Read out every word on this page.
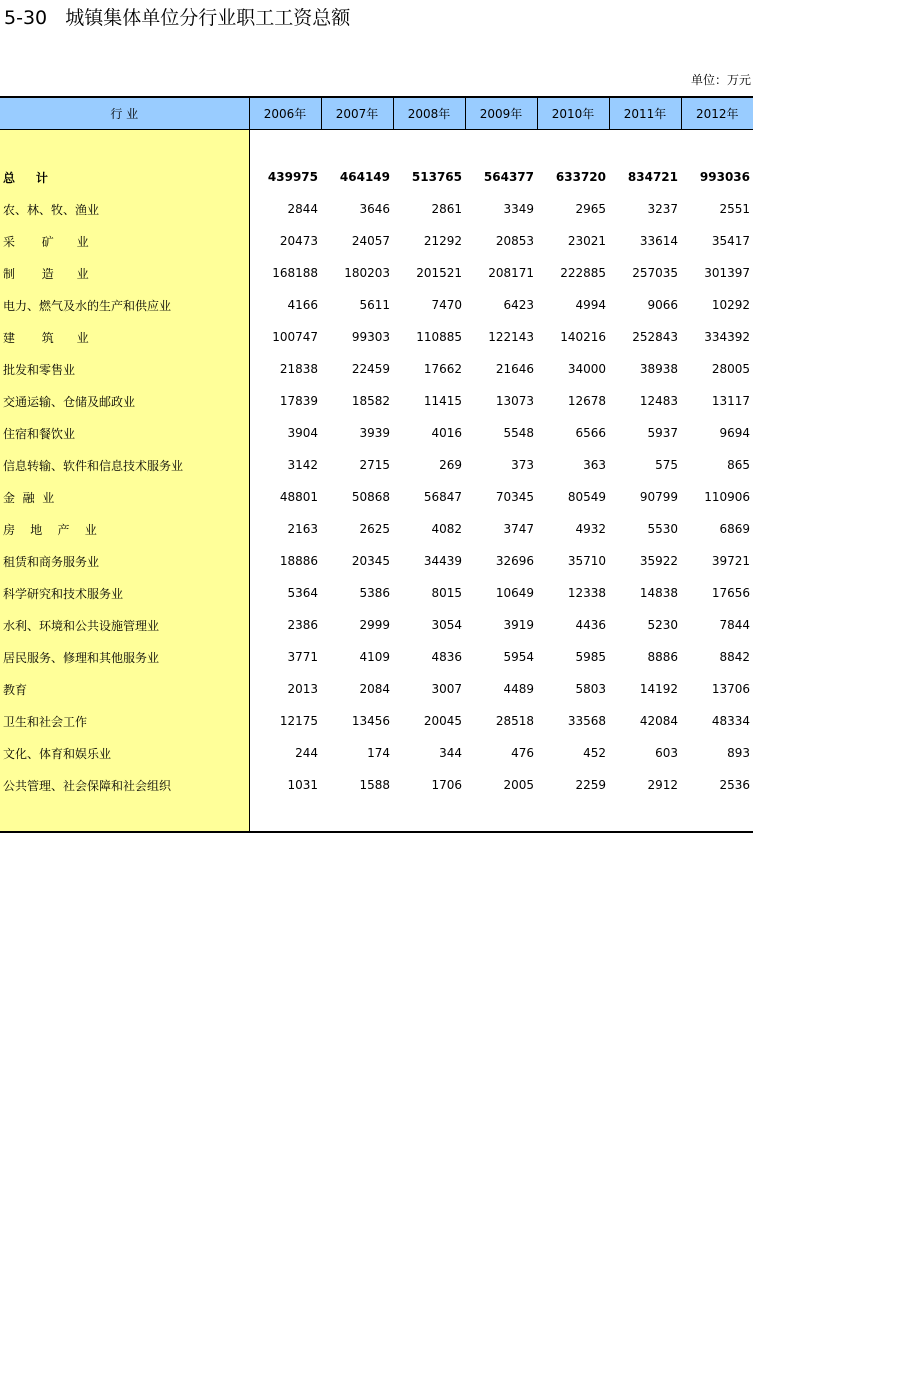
5-30   城镇集体单位分行业职工工资总额
单位：万元
行 业	2006年	2007年	2008年	2009年	2010年	2011年	2012年

总     计	439975	464149	513765	564377	633720	834721	993036
农、林、牧、渔业	2844	3646	2861	3349	2965	3237	2551
采       矿      业	20473	24057	21292	20853	23021	33614	35417
制       造      业	168188	180203	201521	208171	222885	257035	301397
电力、燃气及水的生产和供应业	4166	5611	7470	6423	4994	9066	10292
建       筑      业	100747	99303	110885	122143	140216	252843	334392
批发和零售业	21838	22459	17662	21646	34000	38938	28005
交通运输、仓储及邮政业	17839	18582	11415	13073	12678	12483	13117
住宿和餐饮业	3904	3939	4016	5548	6566	5937	9694
信息转输、软件和信息技术服务业	3142	2715	269	373	363	575	865
金  融  业	48801	50868	56847	70345	80549	90799	110906
房    地    产    业	2163	2625	4082	3747	4932	5530	6869
租赁和商务服务业	18886	20345	34439	32696	35710	35922	39721
科学研究和技术服务业	5364	5386	8015	10649	12338	14838	17656
水利、环境和公共设施管理业	2386	2999	3054	3919	4436	5230	7844
居民服务、修理和其他服务业	3771	4109	4836	5954	5985	8886	8842
教育	2013	2084	3007	4489	5803	14192	13706
卫生和社会工作	12175	13456	20045	28518	33568	42084	48334
文化、体育和娱乐业	244	174	344	476	452	603	893
公共管理、社会保障和社会组织	1031	1588	1706	2005	2259	2912	2536
